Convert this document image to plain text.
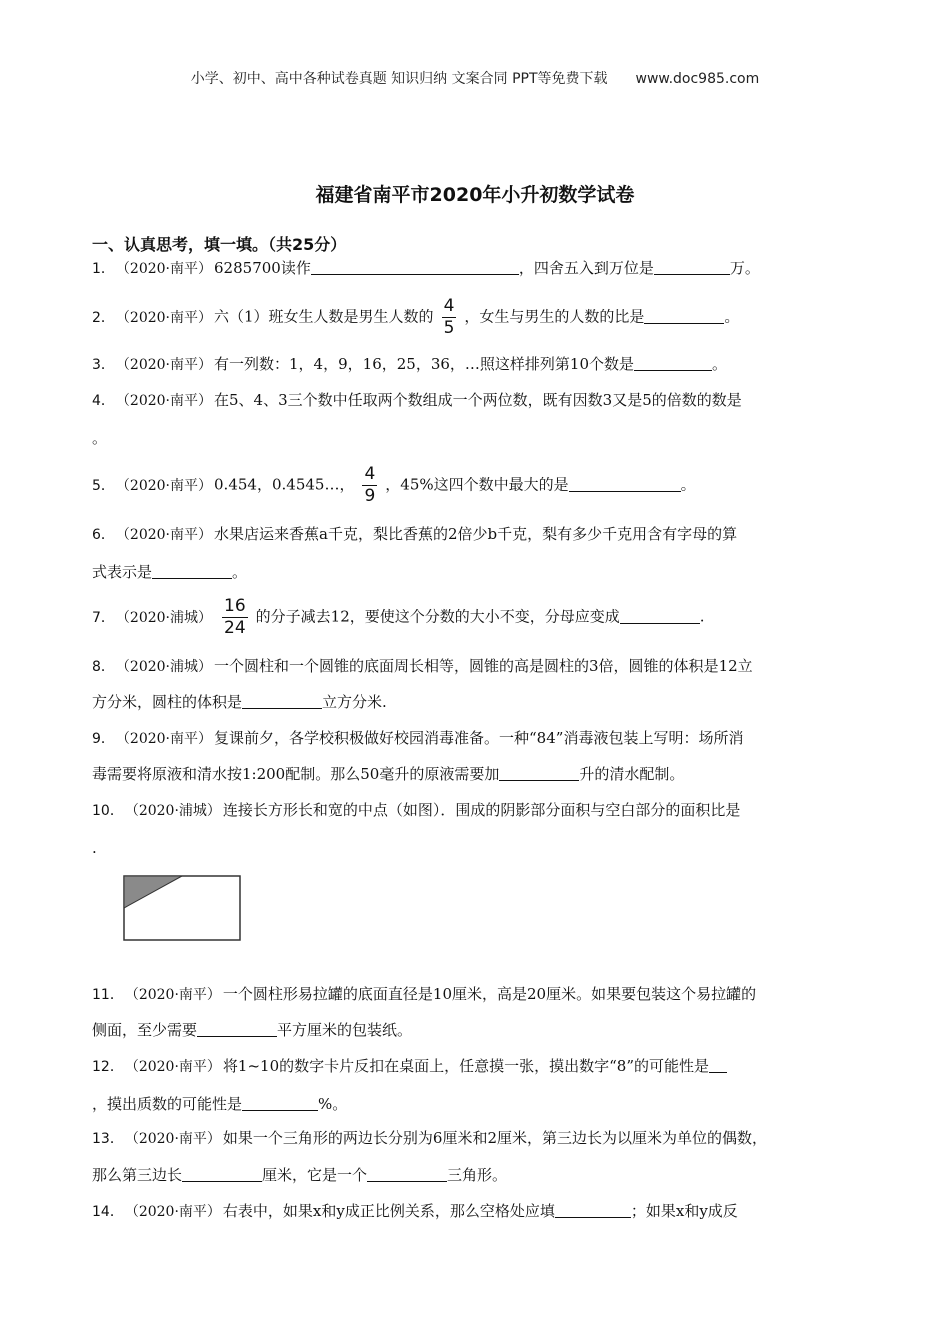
小学、初中、高中各种试卷真题 知识归纳 文案合同 PPT等免费下载 www.doc985.com
福建省南平市2020年小升初数学试卷
一、认真思考，填一填。（共25分）
1． （2020·南平） 6285700读作	，四舍五入到万位是	万。
2． （2020·南平） 六（1）班女生人数是男生人数的 $\frac{4}{5}$ ，女生与男生的人数的比是	。
3． （2020·南平） 有一列数：1，4，9，16，25，36，…照这样排列第10个数是	。
4． （2020·南平） 在5、4、3三个数中任取两个数组成一个两位数，既有因数3又是5的倍数的数是
。
5． （2020·南平） 0.454，0.4545…， $\frac{4}{9}$ ，45%这四个数中最大的是	。
6． （2020·南平） 水果店运来香蕉a千克，梨比香蕉的2倍少b千克，梨有多少千克用含有字母的算
式表示是	。
7． （2020·浦城） $\frac{16}{24}$ 的分子减去12，要使这个分数的大小不变，分母应变成	.
8． （2020·浦城） 一个圆柱和一个圆锥的底面周长相等，圆锥的高是圆柱的3倍，圆锥的体积是12立
方分米，圆柱的体积是	立方分米.
9． （2020·南平） 复课前夕，各学校积极做好校园消毒准备。一种“84”消毒液包装上写明：场所消
毒需要将原液和清水按1:200配制。那么50毫升的原液需要加	升的清水配制。
10． （2020·浦城） 连接长方形长和宽的中点（如图）．围成的阴影部分面积与空白部分的面积比是
.
11． （2020·南平） 一个圆柱形易拉罐的底面直径是10厘米，高是20厘米。如果要包装这个易拉罐的
侧面，至少需要	平方厘米的包装纸。
12． （2020·南平） 将1~10的数字卡片反扣在桌面上，任意摸一张，摸出数字“8”的可能性是
，摸出质数的可能性是	%。
13． （2020·南平） 如果一个三角形的两边长分别为6厘米和2厘米，第三边长为以厘米为单位的偶数，
那么第三边长	厘米，它是一个	三角形。
14． （2020·南平） 右表中，如果x和y成正比例关系，那么空格处应填	；如果x和y成反
